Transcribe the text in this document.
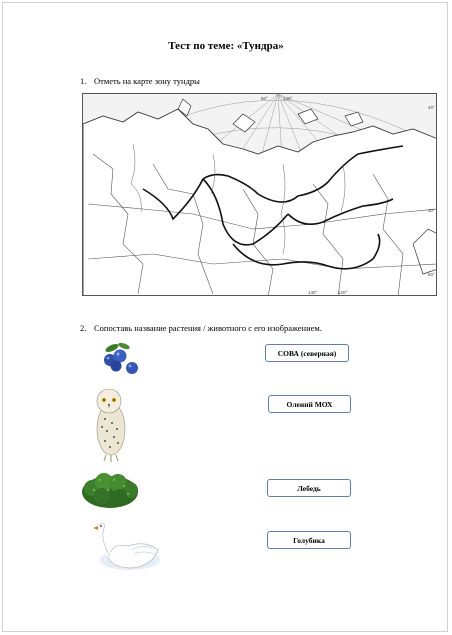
Тест по теме: «Тундра»
1. Отметь на карте зону тундры
60°	140°
40°
30°
120°
140°
60°
2. Сопоставь название растения / животного с его изображением.
СОВА (северная)
Олений МОХ
Лебедь
Голубика
